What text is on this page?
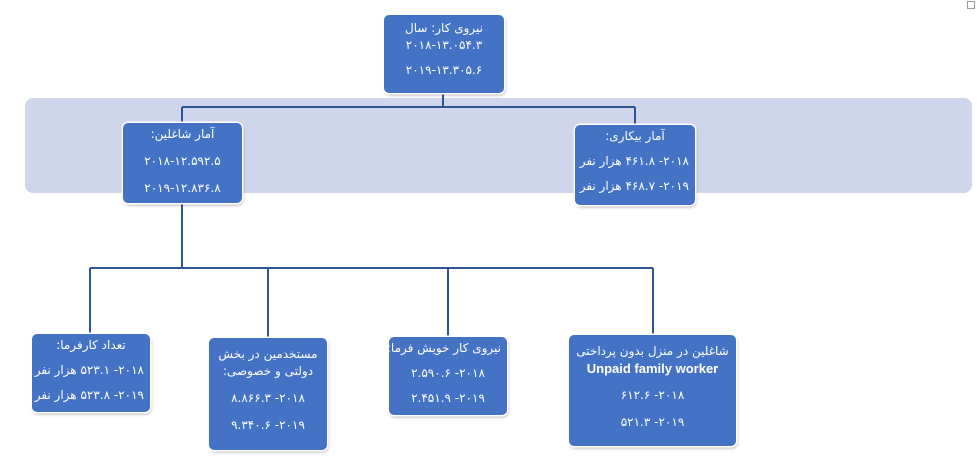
نیروی کار: سال
۲۰۱۸-۱۳.۰۵۴.۳
۲۰۱۹-۱۳.۳۰۵.۶
آمار شاغلین:
۲۰۱۸-۱۲.۵۹۲.۵
۲۰۱۹-۱۲.۸۳۶.۸
آمار بیکاری:
۲۰۱۸- ۴۶۱.۸ هزار نفر
۲۰۱۹- ۴۶۸.۷ هزار نفر
تعداد کارفرما:
۲۰۱۸- ۵۲۳.۱ هزار نفر
۲۰۱۹- ۵۲۳.۸ هزار نفر
مستخدمین در بخش
دولتی و خصوصی:
۲۰۱۸- ۸.۸۶۶.۳
۲۰۱۹- ۹.۳۴۰.۶
نیروی کار خویش فرما:
۲۰۱۸- ۲.۵۹۰.۶
۲۰۱۹- ۲.۴۵۱.۹
شاغلین در منزل بدون پرداختی
Unpaid family worker
۲۰۱۸- ۶۱۲.۶
۲۰۱۹- ۵۲۱.۳
